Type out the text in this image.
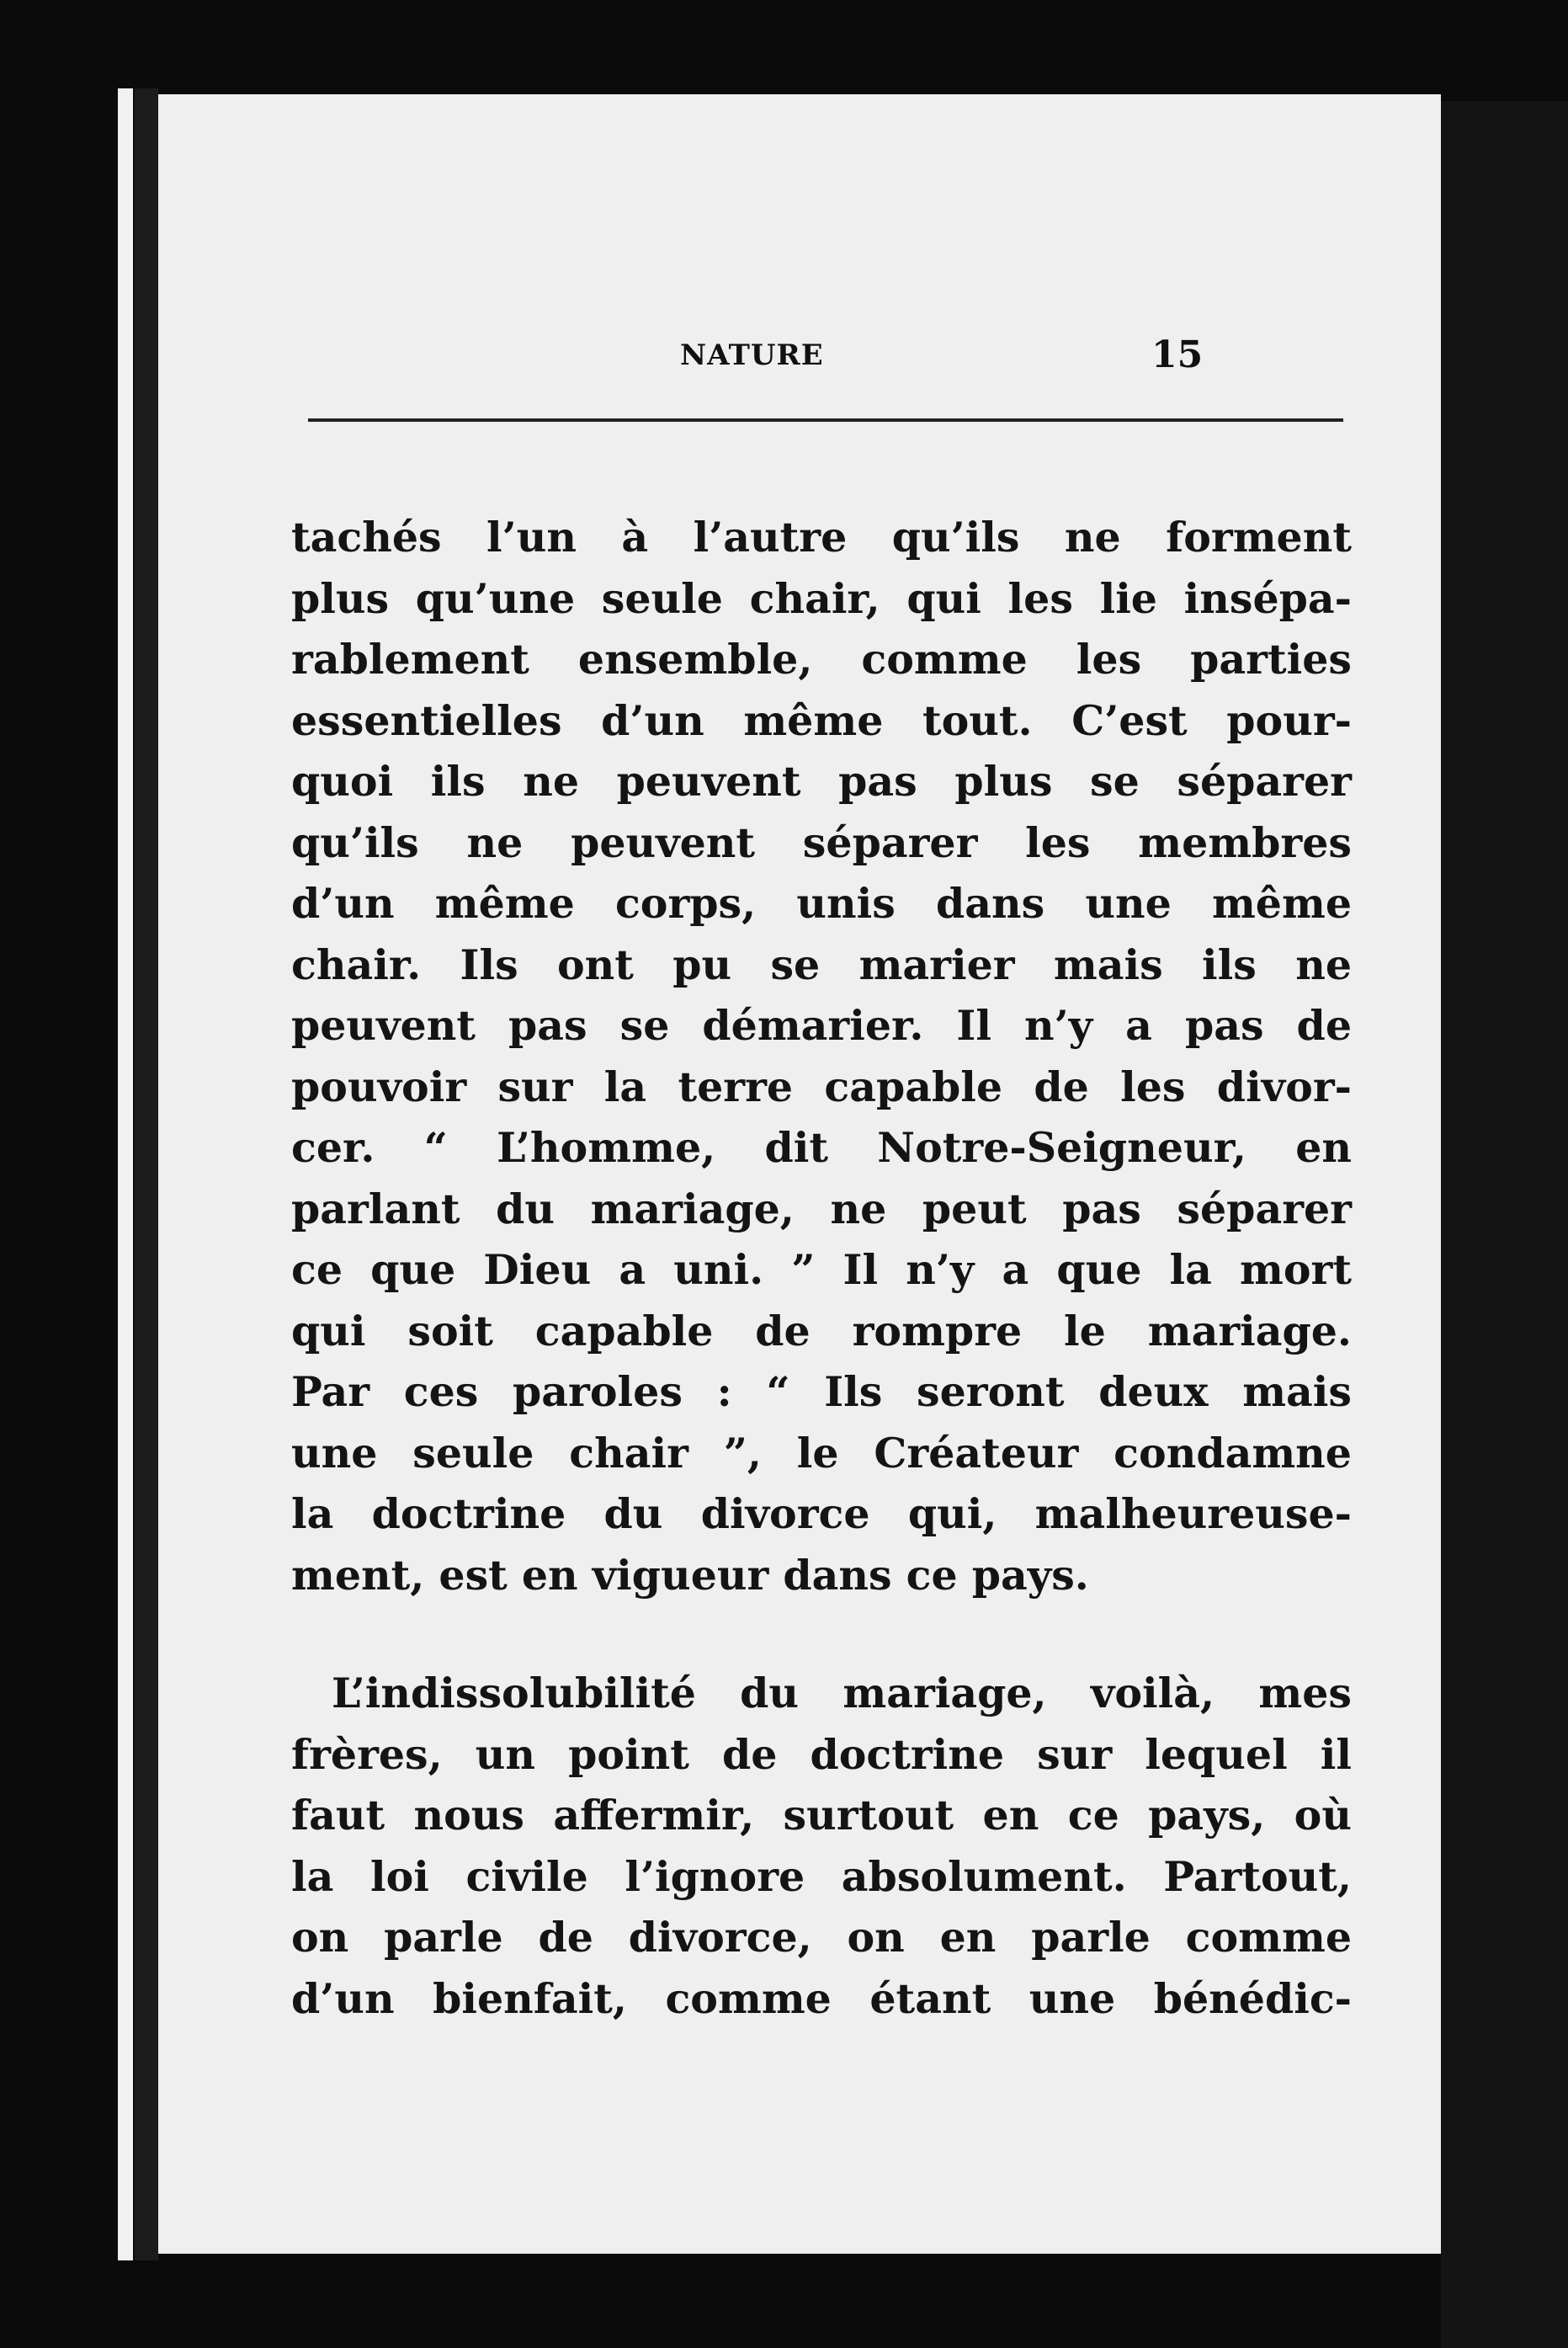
NATURE	15
tachés l’un à l’autre qu’ils ne forment
plus qu’une seule chair, qui les lie insépa-
rablement ensemble, comme les parties
essentielles d’un même tout. C’est pour-
quoi ils ne peuvent pas plus se séparer
qu’ils ne peuvent séparer les membres
d’un même corps, unis dans une même
chair. Ils ont pu se marier mais ils ne
peuvent pas se démarier. Il n’y a pas de
pouvoir sur la terre capable de les divor-
cer. “ L’homme, dit Notre-Seigneur, en
parlant du mariage, ne peut pas séparer
ce que Dieu a uni. ” Il n’y a que la mort
qui soit capable de rompre le mariage.
Par ces paroles : “ Ils seront deux mais
une seule chair ”, le Créateur condamne
la doctrine du divorce qui, malheureuse-
ment, est en vigueur dans ce pays.
L’indissolubilité du mariage, voilà, mes
frères, un point de doctrine sur lequel il
faut nous affermir, surtout en ce pays, où
la loi civile l’ignore absolument. Partout,
on parle de divorce, on en parle comme
d’un bienfait, comme étant une bénédic-
